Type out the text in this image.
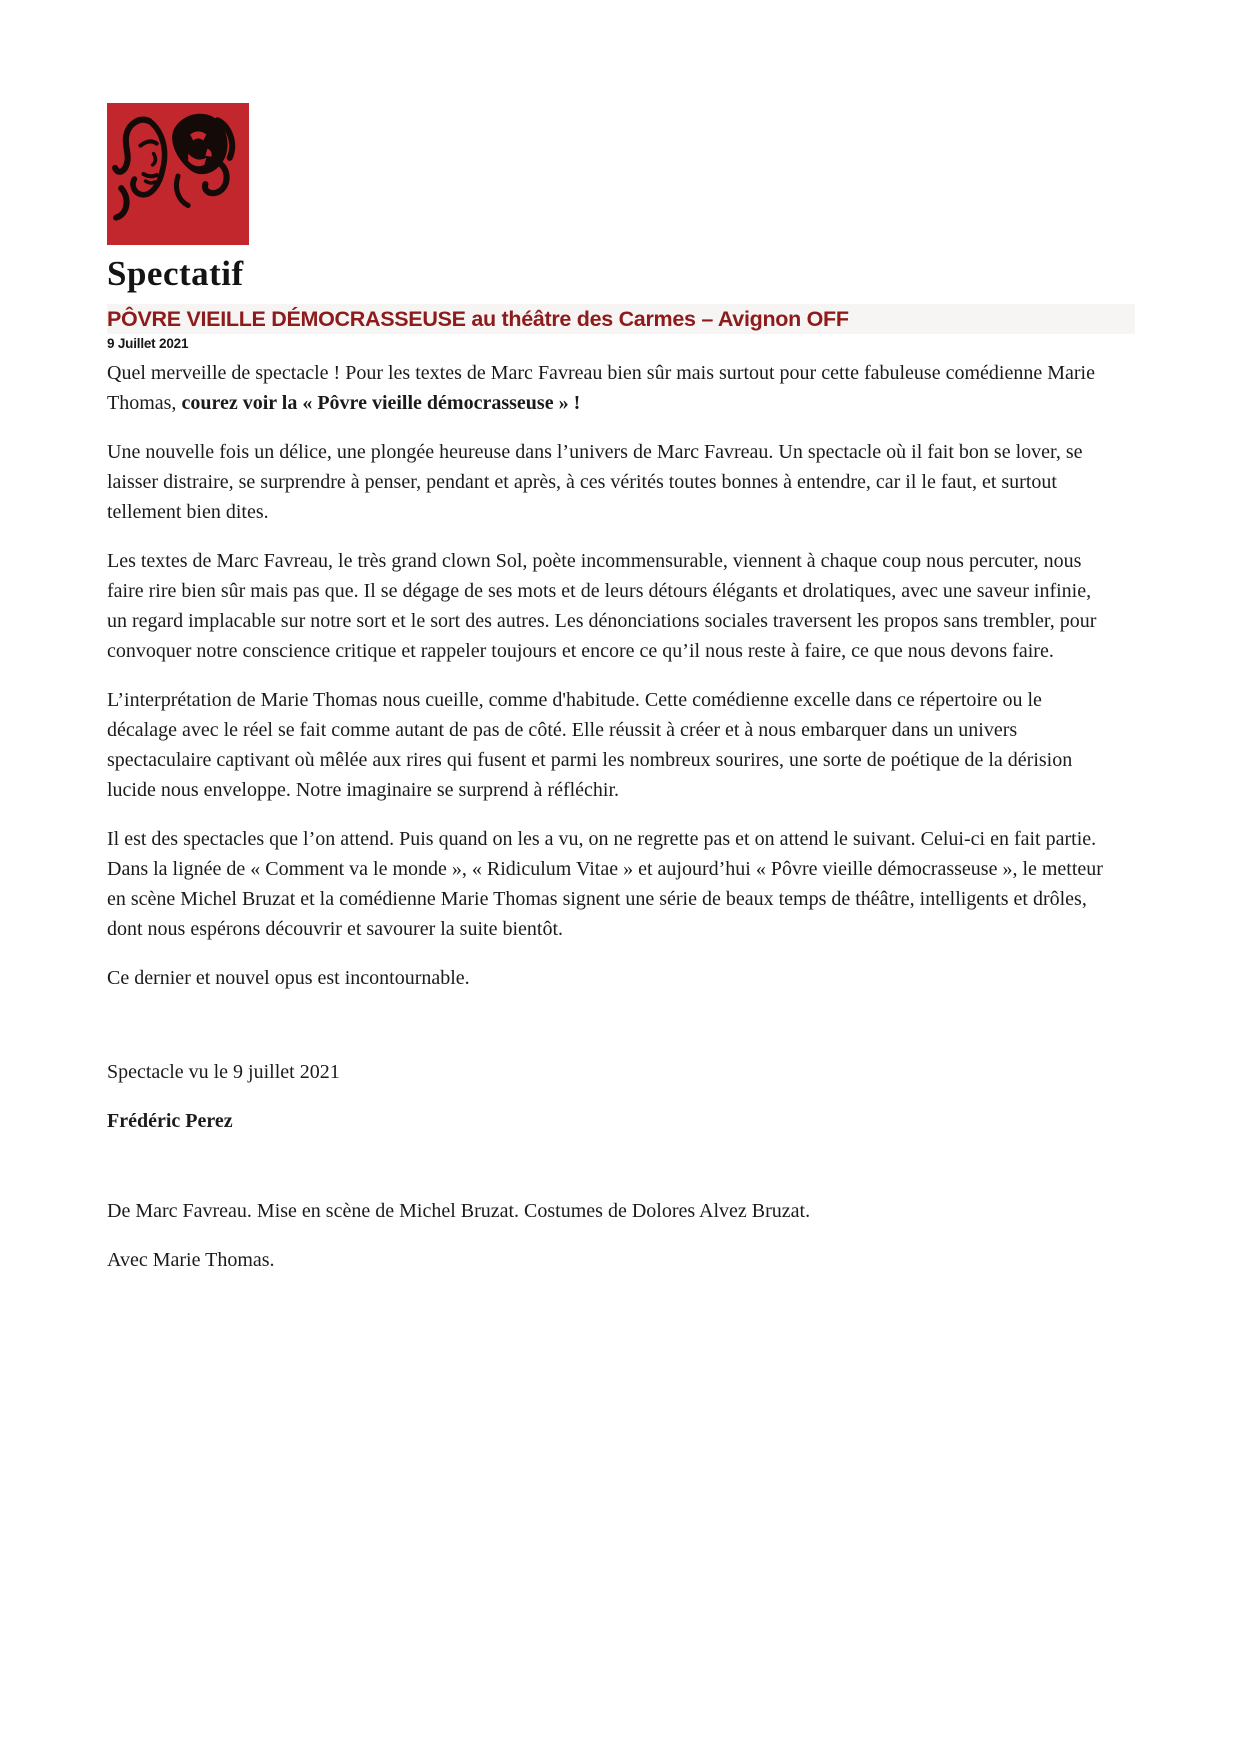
Spectatif
PÔVRE VIEILLE DÉMOCRASSEUSE au théâtre des Carmes – Avignon OFF
9 Juillet 2021

Quel merveille de spectacle ! Pour les textes de Marc Favreau bien sûr mais surtout pour cette fabuleuse comédienne Marie Thomas, courez voir la « Pôvre vieille démocrasseuse » !

Une nouvelle fois un délice, une plongée heureuse dans l’univers de Marc Favreau. Un spectacle où il fait bon se lover, se laisser distraire, se surprendre à penser, pendant et après, à ces vérités toutes bonnes à entendre, car il le faut, et surtout tellement bien dites.

Les textes de Marc Favreau, le très grand clown Sol, poète incommensurable, viennent à chaque coup nous percuter, nous faire rire bien sûr mais pas que. Il se dégage de ses mots et de leurs détours élégants et drolatiques, avec une saveur infinie, un regard implacable sur notre sort et le sort des autres. Les dénonciations sociales traversent les propos sans trembler, pour convoquer notre conscience critique et rappeler toujours et encore ce qu’il nous reste à faire, ce que nous devons faire.

L’interprétation de Marie Thomas nous cueille, comme d'habitude. Cette comédienne excelle dans ce répertoire ou le décalage avec le réel se fait comme autant de pas de côté. Elle réussit à créer et à nous embarquer dans un univers spectaculaire captivant où mêlée aux rires qui fusent et parmi les nombreux sourires, une sorte de poétique de la dérision lucide nous enveloppe. Notre imaginaire se surprend à réfléchir.

Il est des spectacles que l’on attend. Puis quand on les a vu, on ne regrette pas et on attend le suivant. Celui-ci en fait partie. Dans la lignée de « Comment va le monde », « Ridiculum Vitae » et aujourd’hui « Pôvre vieille démocrasseuse », le metteur en scène Michel Bruzat et la comédienne Marie Thomas signent une série de beaux temps de théâtre, intelligents et drôles, dont nous espérons découvrir et savourer la suite bientôt.

Ce dernier et nouvel opus est incontournable.

Spectacle vu le 9 juillet 2021

Frédéric Perez

De Marc Favreau. Mise en scène de Michel Bruzat. Costumes de Dolores Alvez Bruzat.

Avec Marie Thomas.
